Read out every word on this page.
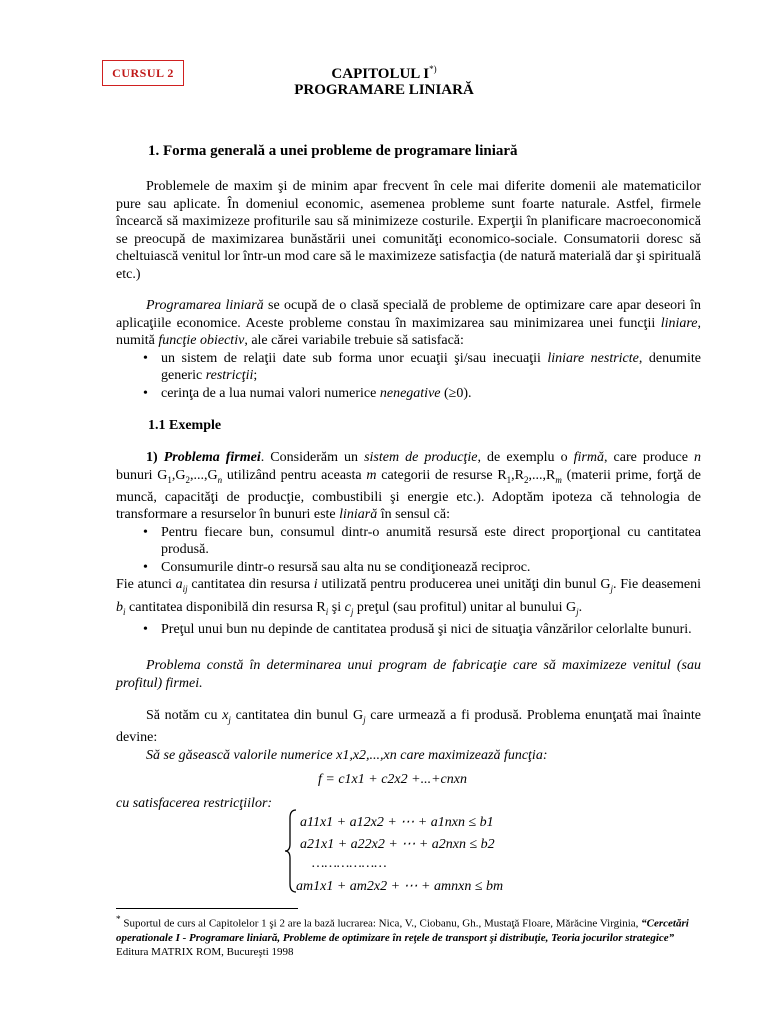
CURSUL 2	CAPITOLUL I*)
PROGRAMARE LINIARĂ
1. Forma generală a unei probleme de programare liniară

Problemele de maxim şi de minim apar frecvent în cele mai diferite domenii ale matematicilor pure sau aplicate. În domeniul economic, asemenea probleme sunt foarte naturale. Astfel, firmele încearcă să maximizeze profiturile sau să minimizeze costurile. Experţii în planificare macroeconomică se preocupă de maximizarea bunăstării unei comunităţi economico-sociale. Consumatorii doresc să cheltuiască venitul lor într-un mod care să le maximizeze satisfacţia (de natură materială dar şi spirituală etc.)

Programarea liniară se ocupă de o clasă specială de probleme de optimizare care apar deseori în aplicaţiile economice. Aceste probleme constau în maximizarea sau minimizarea unei funcţii liniare, numită funcţie obiectiv, ale cărei variabile trebuie să satisfacă:

• un sistem de relaţii date sub forma unor ecuaţii şi/sau inecuaţii liniare nestricte, denumite generic restricţii;

• cerinţa de a lua numai valori numerice nenegative (≥0).

1.1 Exemple

1) Problema firmei. Considerăm un sistem de producţie, de exemplu o firmă, care produce n bunuri $G_1,G_2,...,G_n$ utilizând pentru aceasta m categorii de resurse $R_1,R_2,...,R_m$ (materii prime, forţă de muncă, capacităţi de producţie, combustibili şi energie etc.). Adoptăm ipoteza că tehnologia de transformare a resurselor în bunuri este liniară în sensul că:

• Pentru fiecare bun, consumul dintr-o anumită resursă este direct proporţional cu cantitatea produsă.

• Consumurile dintr-o resursă sau alta nu se condiţionează reciproc.

Fie atunci $a_{ij}$ cantitatea din resursa i utilizată pentru producerea unei unităţi din bunul $G_j$. Fie deasemeni $b_i$ cantitatea disponibilă din resursa $R_i$ şi $c_j$ preţul (sau profitul) unitar al bunului $G_j$.

• Preţul unui bun nu depinde de cantitatea produsă şi nici de situaţia vânzărilor celorlalte bunuri.

Problema constă în determinarea unui program de fabricaţie care să maximizeze venitul (sau profitul) firmei.

Să notăm cu $x_j$ cantitatea din bunul $G_j$ care urmează a fi produsă. Problema enunţată mai înainte devine:

Să se găsească valorile numerice x1,x2,...,xn care maximizează funcţia:

f = c1x1 + c2x2 +...+cnxn
cu satisfacerea restricţiilor:
a11x1 + a12x2 + ⋯ + a1nxn ≤ b1
a21x1 + a22x2 + ⋯ + a2nxn ≤ b2
………………
am1x1 + am2x2 + ⋯ + amnxn ≤ bm
* Suportul de curs al Capitolelor 1 şi 2 are la bază lucrarea: Nica, V., Ciobanu, Gh., Mustaţă Floare, Mărăcine Virginia, “Cercetări operationale I - Programare liniară, Probleme de optimizare în reţele de transport şi distribuţie, Teoria jocurilor strategice”
Editura MATRIX ROM, Bucureşti 1998
